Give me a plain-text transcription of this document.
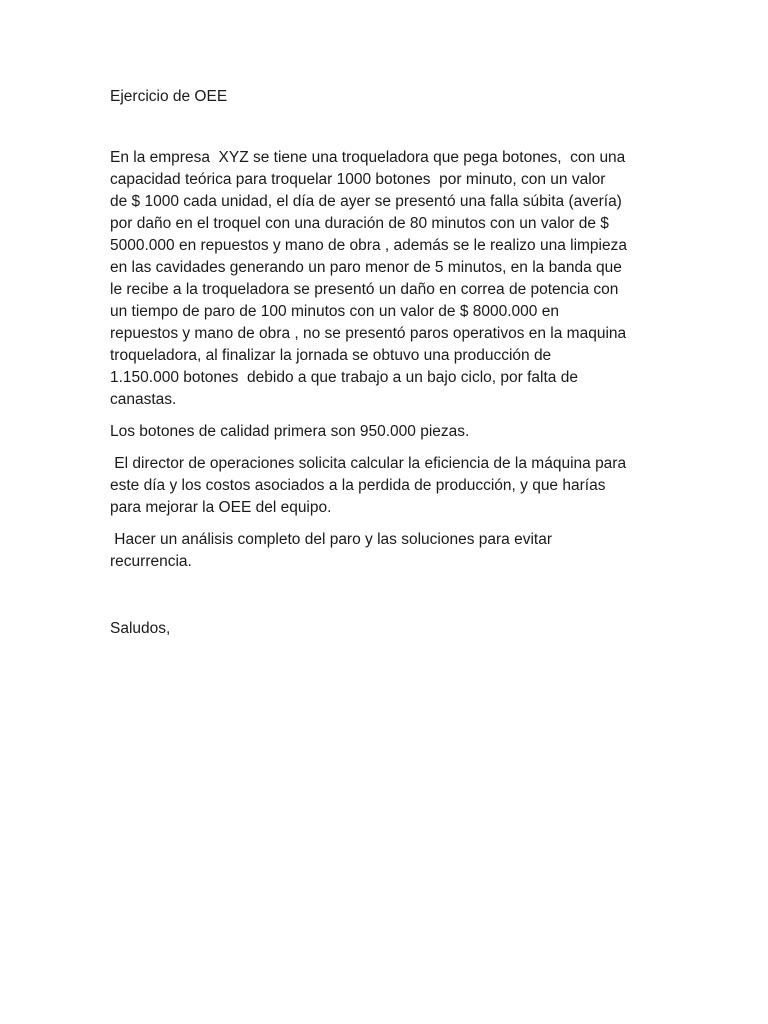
Ejercicio de OEE

En la empresa  XYZ se tiene una troqueladora que pega botones,  con una
capacidad teórica para troquelar 1000 botones  por minuto, con un valor
de $ 1000 cada unidad, el día de ayer se presentó una falla súbita (avería)
por daño en el troquel con una duración de 80 minutos con un valor de $
5000.000 en repuestos y mano de obra , además se le realizo una limpieza
en las cavidades generando un paro menor de 5 minutos, en la banda que
le recibe a la troqueladora se presentó un daño en correa de potencia con
un tiempo de paro de 100 minutos con un valor de $ 8000.000 en
repuestos y mano de obra , no se presentó paros operativos en la maquina
troqueladora, al finalizar la jornada se obtuvo una producción de
1.150.000 botones  debido a que trabajo a un bajo ciclo, por falta de
canastas.

Los botones de calidad primera son 950.000 piezas.

El director de operaciones solicita calcular la eficiencia de la máquina para
este día y los costos asociados a la perdida de producción, y que harías
para mejorar la OEE del equipo.

Hacer un análisis completo del paro y las soluciones para evitar
recurrencia.

Saludos,
